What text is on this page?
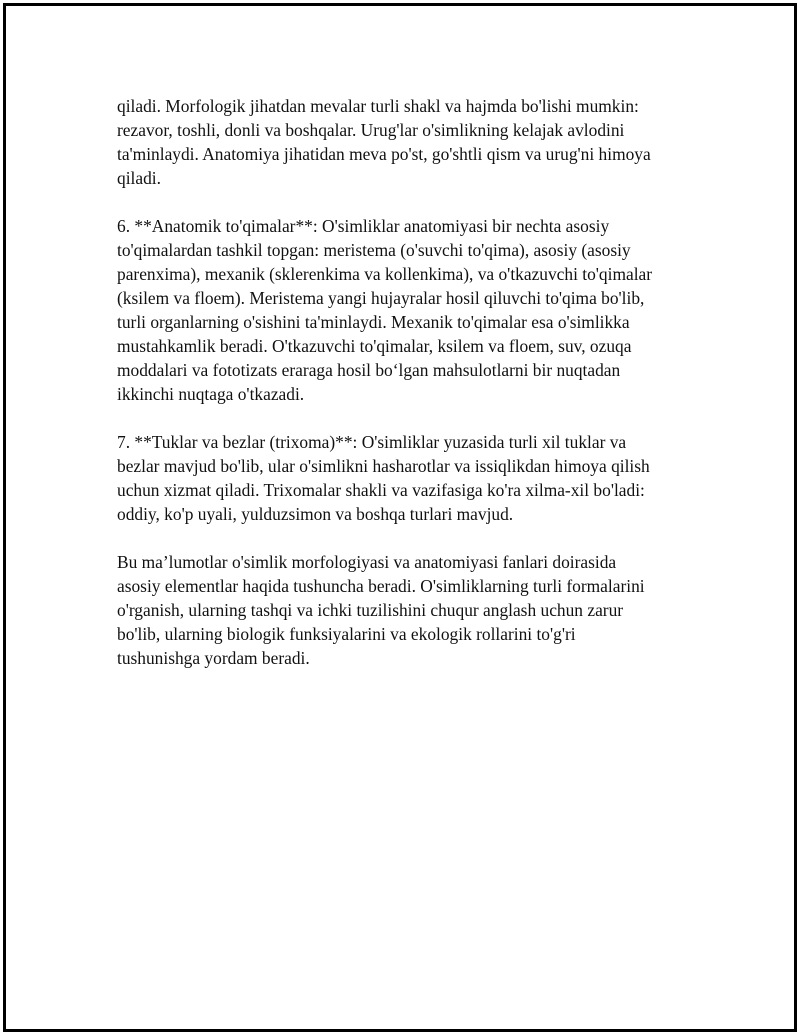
qiladi. Morfologik jihatdan mevalar turli shakl va hajmda bo'lishi mumkin:
rezavor, toshli, donli va boshqalar. Urug'lar o'simlikning kelajak avlodini
ta'minlaydi. Anatomiya jihatidan meva po'st, go'shtli qism va urug'ni himoya
qiladi.

6. **Anatomik to'qimalar**: O'simliklar anatomiyasi bir nechta asosiy
to'qimalardan tashkil topgan: meristema (o'suvchi to'qima), asosiy (asosiy
parenxima), mexanik (sklerenkima va kollenkima), va o'tkazuvchi to'qimalar
(ksilem va floem). Meristema yangi hujayralar hosil qiluvchi to'qima bo'lib,
turli organlarning o'sishini ta'minlaydi. Mexanik to'qimalar esa o'simlikka
mustahkamlik beradi. O'tkazuvchi to'qimalar, ksilem va floem, suv, ozuqa
moddalari va fototizats eraraga hosil bo‘lgan mahsulotlarni bir nuqtadan
ikkinchi nuqtaga o'tkazadi.

7. **Tuklar va bezlar (trixoma)**: O'simliklar yuzasida turli xil tuklar va
bezlar mavjud bo'lib, ular o'simlikni hasharotlar va issiqlikdan himoya qilish
uchun xizmat qiladi. Trixomalar shakli va vazifasiga ko'ra xilma-xil bo'ladi:
oddiy, ko'p uyali, yulduzsimon va boshqa turlari mavjud.

Bu ma’lumotlar o'simlik morfologiyasi va anatomiyasi fanlari doirasida
asosiy elementlar haqida tushuncha beradi. O'simliklarning turli formalarini
o'rganish, ularning tashqi va ichki tuzilishini chuqur anglash uchun zarur
bo'lib, ularning biologik funksiyalarini va ekologik rollarini to'g'ri
tushunishga yordam beradi.
